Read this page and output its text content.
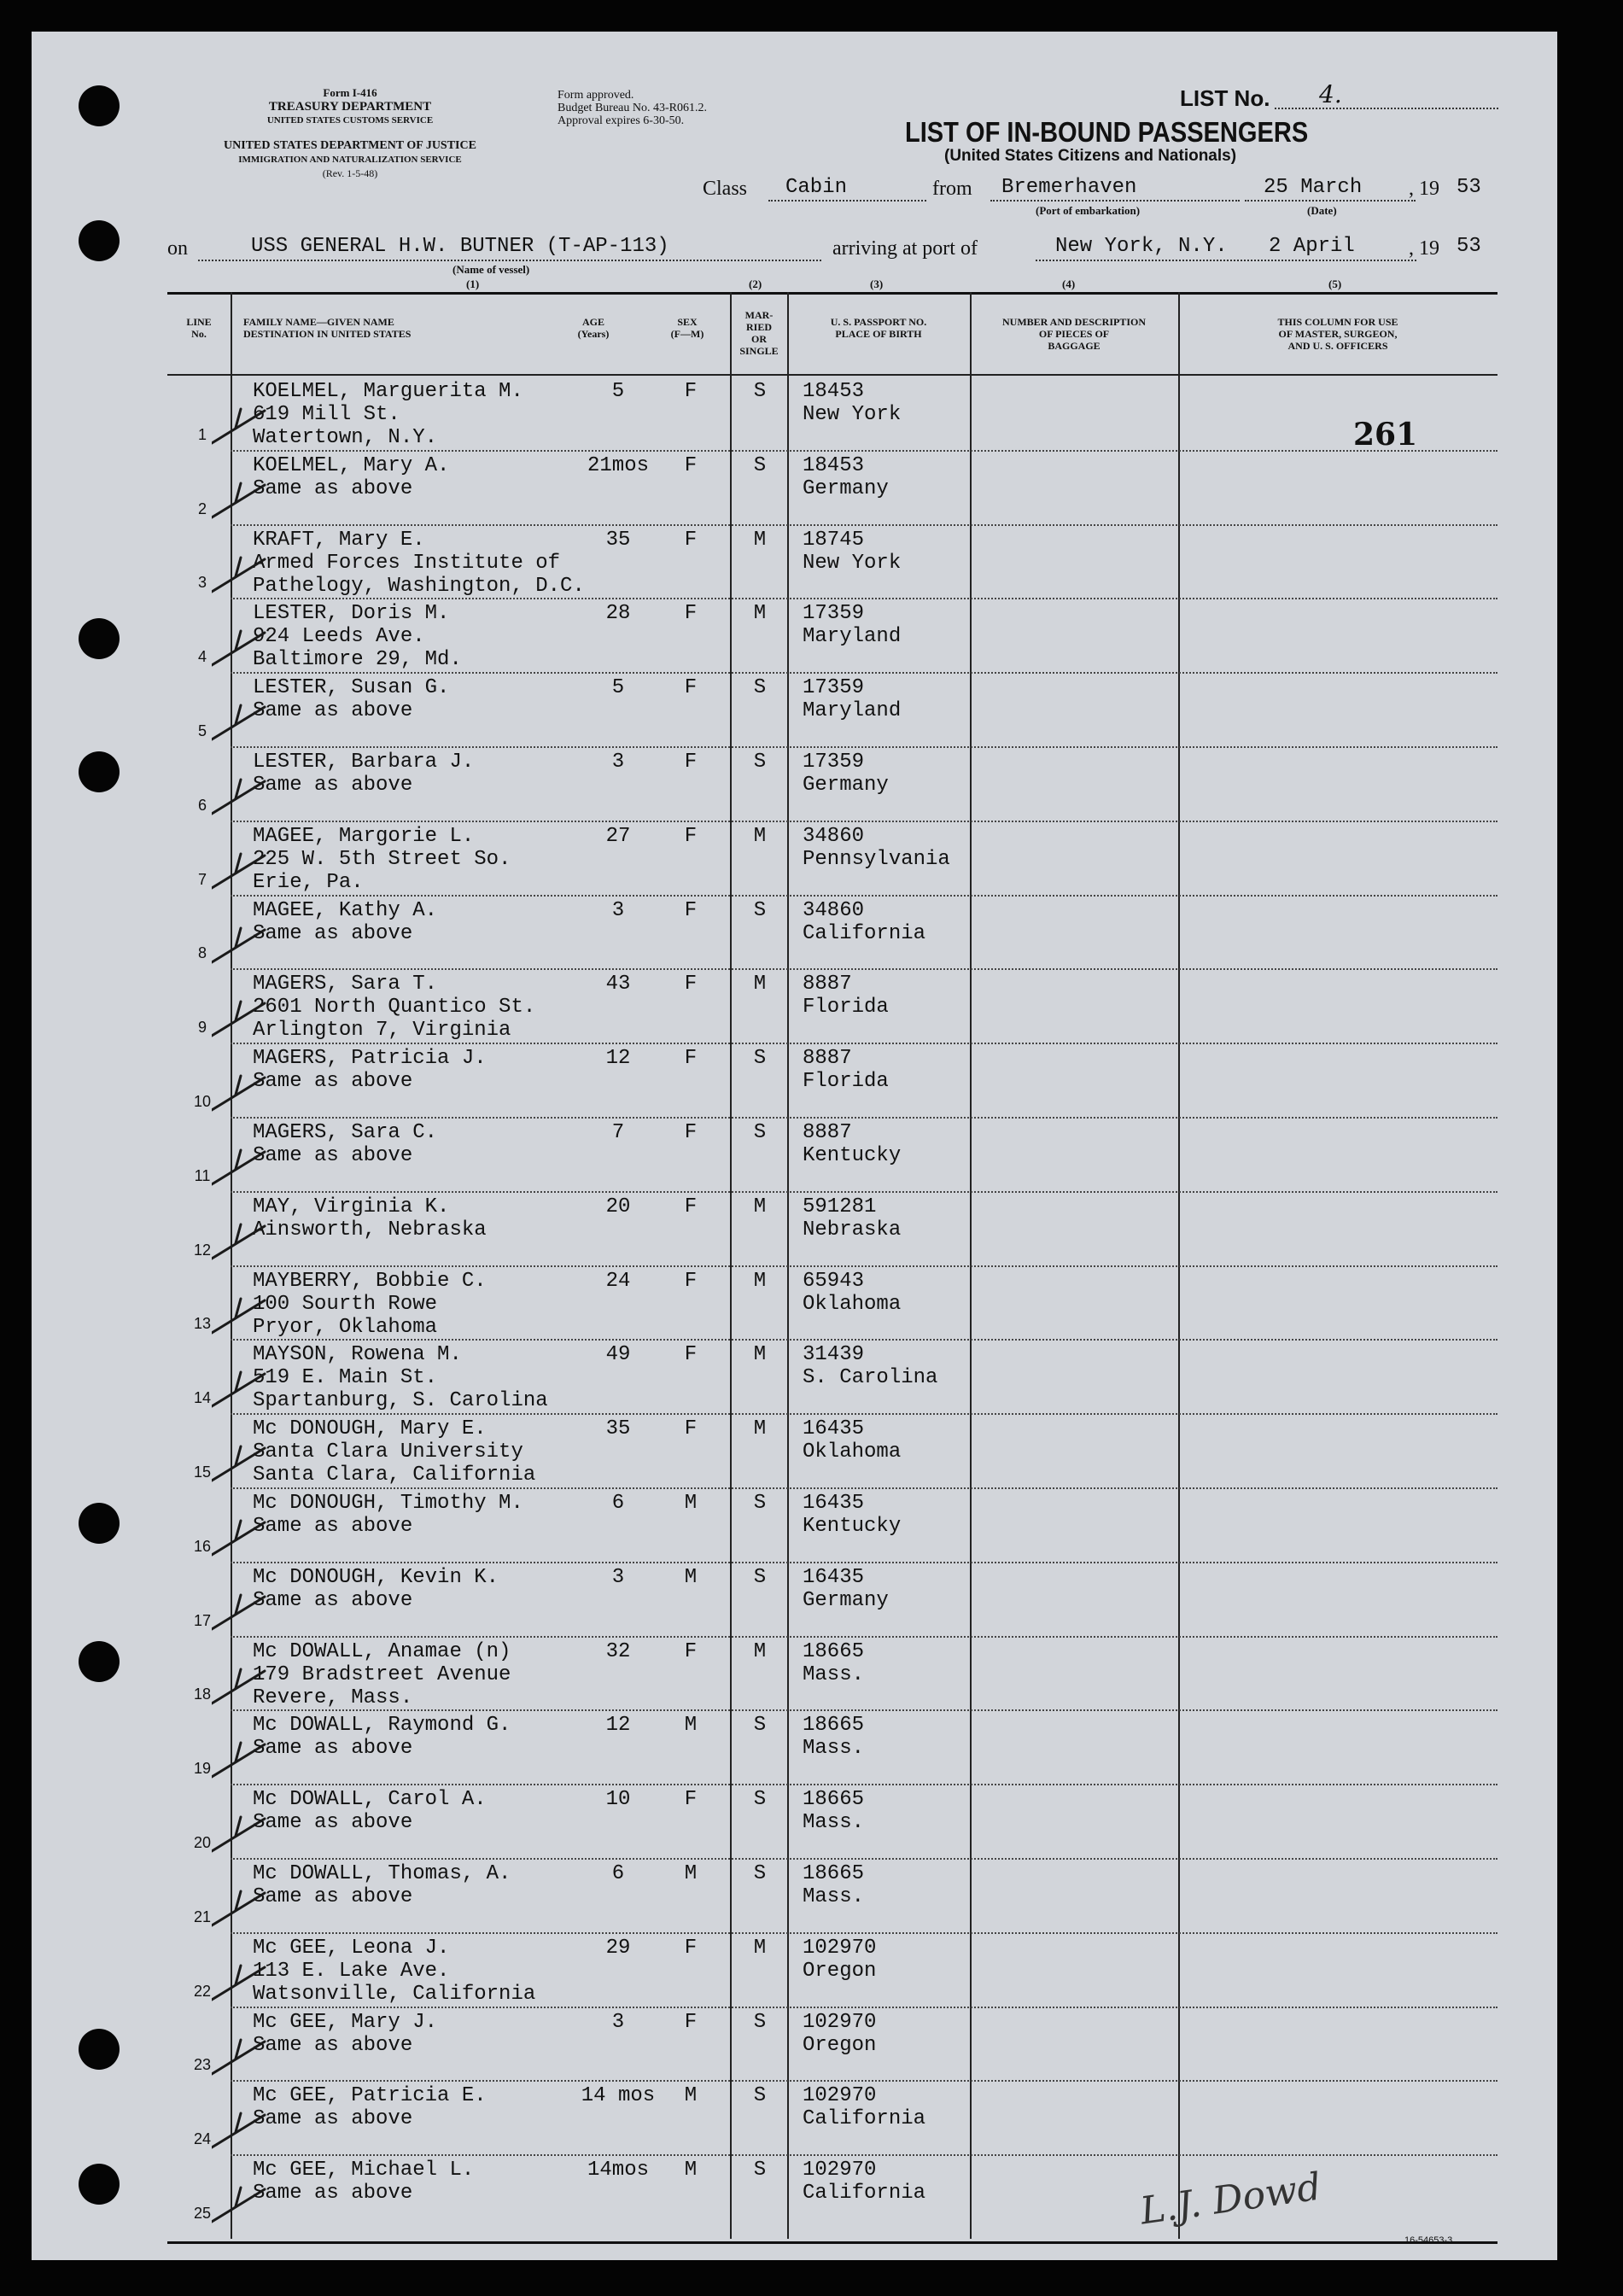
Form I-416
TREASURY DEPARTMENT
UNITED STATES CUSTOMS SERVICE
UNITED STATES DEPARTMENT OF JUSTICE
IMMIGRATION AND NATURALIZATION SERVICE
(Rev. 1-5-48)
Form approved.
Budget Bureau No. 43-R061.2.
Approval expires 6-30-50.
LIST No. 4.
LIST OF IN-BOUND PASSENGERS
(United States Citizens and Nationals)
Class Cabin	from Bremerhaven
(Port of embarkation)
25 March
(Date)
, 19 53
on	USS GENERAL H.W. BUTNER (T-AP-113)
(Name of vessel)
arriving at port of	New York, N.Y. 2 April	, 19 53
(1)	(2)	(3)	(4)	(5)
LINE
No.
FAMILY NAME—GIVEN NAME
DESTINATION IN UNITED STATES
AGE
(Years)
SEX
(F—M)
MAR-
RIED
OR
SINGLE
U. S. PASSPORT NO.
PLACE OF BIRTH
NUMBER AND DESCRIPTION
OF PIECES OF
BAGGAGE
THIS COLUMN FOR USE
OF MASTER, SURGEON,
AND U. S. OFFICERS
1
KOELMEL, Marguerita M.
619 Mill St.
Watertown, N.Y.
5	F	S	18453
New York
2
KOELMEL, Mary A.
Same as above
21mos	F	S	18453
Germany
3
KRAFT, Mary E.
Armed Forces Institute of
Pathelogy, Washington, D.C.
35	F	M	18745
New York
4
LESTER, Doris M.
924 Leeds Ave.
Baltimore 29, Md.
28	F	M	17359
Maryland
5
LESTER, Susan G.
Same as above
5	F	S	17359
Maryland
6
LESTER, Barbara J.
Same as above
3	F	S	17359
Germany
7
MAGEE, Margorie L.
225 W. 5th Street So.
Erie, Pa.
27	F	M	34860
Pennsylvania
8
MAGEE, Kathy A.
Same as above
3	F	S	34860
California
9
MAGERS, Sara T.
2601 North Quantico St.
Arlington 7, Virginia
43	F	M	8887
Florida
10
MAGERS, Patricia J.
Same as above
12	F	S	8887
Florida
11
MAGERS, Sara C.
Same as above
7	F	S	8887
Kentucky
12
MAY, Virginia K.
Ainsworth, Nebraska
20	F	M	591281
Nebraska
13
MAYBERRY, Bobbie C.
100 Sourth Rowe
Pryor, Oklahoma
24	F	M	65943
Oklahoma
14
MAYSON, Rowena M.
519 E. Main St.
Spartanburg, S. Carolina
49	F	M	31439
S. Carolina
15
Mc DONOUGH, Mary E.
Santa Clara University
Santa Clara, California
35	F	M	16435
Oklahoma
16
Mc DONOUGH, Timothy M.
Same as above
6	M	S	16435
Kentucky
17
Mc DONOUGH, Kevin K.
Same as above
3	M	S	16435
Germany
18
Mc DOWALL, Anamae (n)
179 Bradstreet Avenue
Revere, Mass.
32	F	M	18665
Mass.
19
Mc DOWALL, Raymond G.
Same as above
12	M	S	18665
Mass.
20
Mc DOWALL, Carol A.
Same as above
10	F	S	18665
Mass.
21
Mc DOWALL, Thomas, A.
Same as above
6	M	S	18665
Mass.
22
Mc GEE, Leona J.
113 E. Lake Ave.
Watsonville, California
29	F	M	102970
Oregon
23
Mc GEE, Mary J.
Same as above
3	F	S	102970
Oregon
24
Mc GEE, Patricia E.
Same as above
14 mos	M	S	102970
California
25
Mc GEE, Michael L.
Same as above
14mos	M	S	102970
California
261
L.J. Dowd
16-54653-3
